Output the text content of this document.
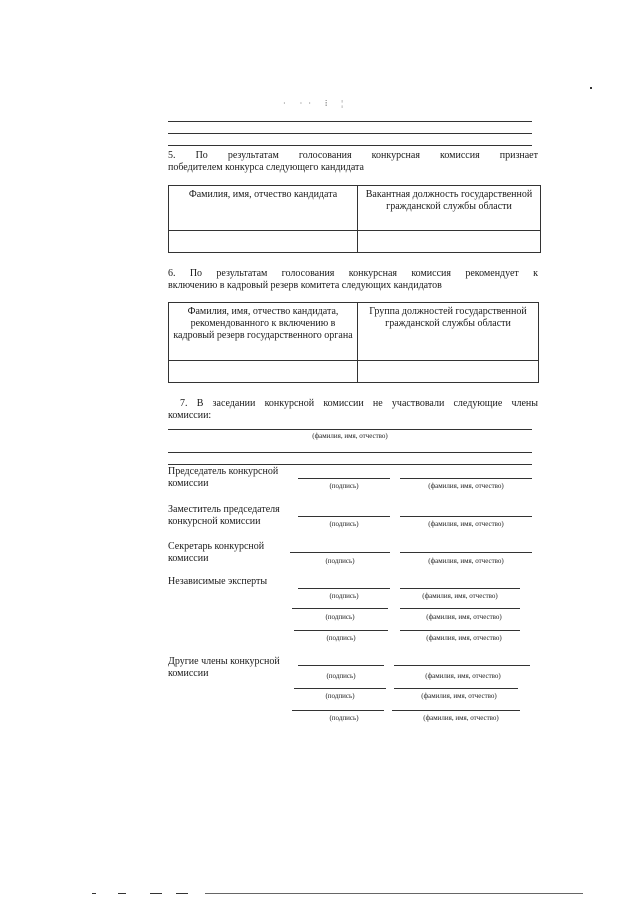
· ·· ⁞ ¦
5. По результатам голосования конкурсная комиссия признает
победителем конкурса следующего кандидата
Фамилия, имя, отчество кандидата	Вакантная должность государственной гражданской службы области

6. По результатам голосования конкурсная комиссия рекомендует к
включению в кадровый резерв комитета следующих кандидатов
Фамилия, имя, отчество кандидата, рекомендованного к включению в кадровый резерв государственного органа	Группа должностей государственной гражданской службы области

7. В заседании конкурсной комиссии не участвовали следующие члены
комиссии:
(фамилия, имя, отчество)
Председатель конкурсной комиссии	(подпись)	(фамилия, имя, отчество)
Заместитель председателя конкурсной комиссии	(подпись)	(фамилия, имя, отчество)
Секретарь конкурсной комиссии	(подпись)	(фамилия, имя, отчество)
Независимые эксперты
(подпись)	(фамилия, имя, отчество)
(подпись)	(фамилия, имя, отчество)
(подпись)	(фамилия, имя, отчество)
Другие члены конкурсной комиссии	(подпись)	(фамилия, имя, отчество)
(подпись)	(фамилия, имя, отчество)
(подпись)	(фамилия, имя, отчество)
